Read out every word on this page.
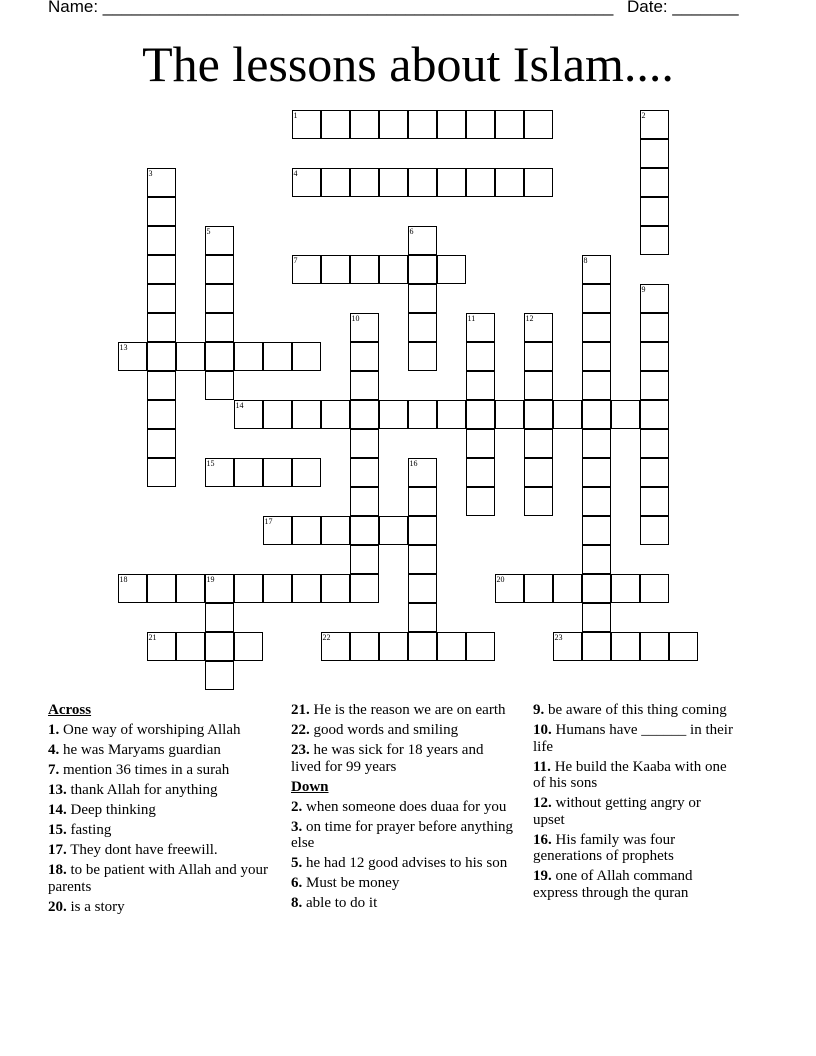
Name: ______________________________________________________ Date: _______
The lessons about Islam....
1	2
3	4
5	6
7	8
9
10	11	12
13
14
15	16
17
18	19	20
21	22	23
Across
1. One way of worshiping Allah
4. he was Maryams guardian
7. mention 36 times in a surah
13. thank Allah for anything
14. Deep thinking
15. fasting
17. They dont have freewill.
18. to be patient with Allah and your parents
20. is a story
21. He is the reason we are on earth
22. good words and smiling
23. he was sick for 18 years and lived for 99 years
Down
2. when someone does duaa for you
3. on time for prayer before anything else
5. he had 12 good advises to his son
6. Must be money
8. able to do it
9. be aware of this thing coming
10. Humans have ______ in their life
11. He build the Kaaba with one of his sons
12. without getting angry or upset
16. His family was four generations of prophets
19. one of Allah command express through the quran
